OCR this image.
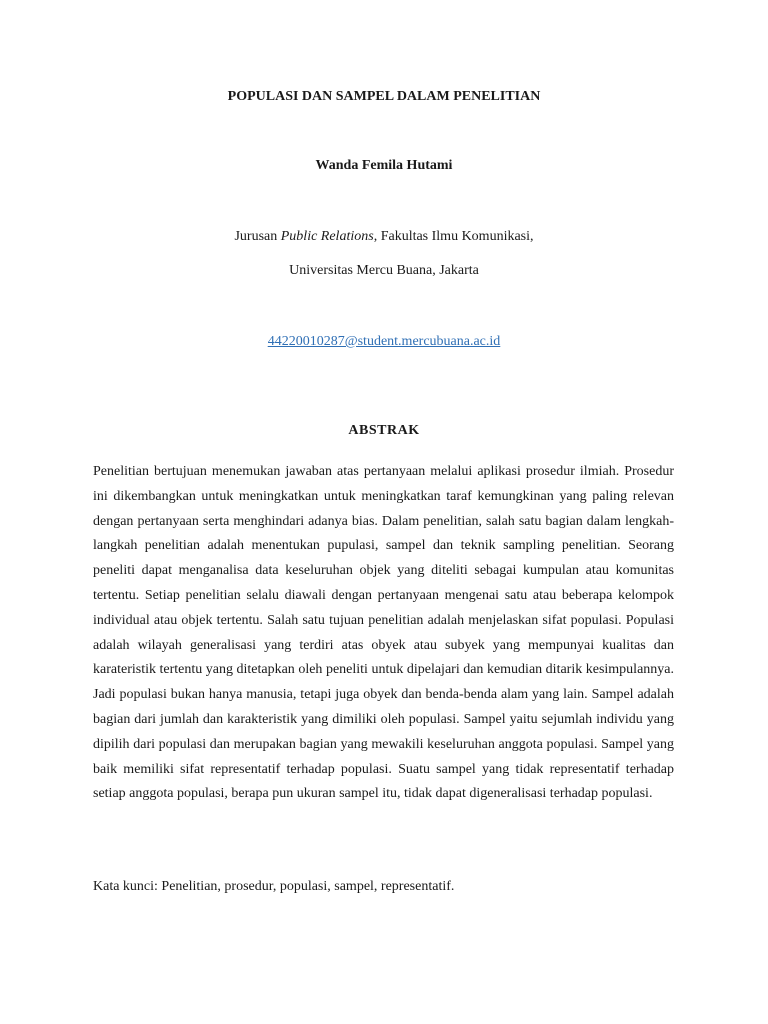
POPULASI DAN SAMPEL DALAM PENELITIAN
Wanda Femila Hutami
Jurusan Public Relations, Fakultas Ilmu Komunikasi,
Universitas Mercu Buana, Jakarta
44220010287@student.mercubuana.ac.id
ABSTRAK

Penelitian bertujuan menemukan jawaban atas pertanyaan melalui aplikasi prosedur ilmiah. Prosedur ini dikembangkan untuk meningkatkan untuk meningkatkan taraf kemungkinan yang paling relevan dengan pertanyaan serta menghindari adanya bias. Dalam penelitian, salah satu bagian dalam lengkah-langkah penelitian adalah menentukan pupulasi, sampel dan teknik sampling penelitian. Seorang peneliti dapat menganalisa data keseluruhan objek yang diteliti sebagai kumpulan atau komunitas tertentu. Setiap penelitian selalu diawali dengan pertanyaan mengenai satu atau beberapa kelompok individual atau objek tertentu. Salah satu tujuan penelitian adalah menjelaskan sifat populasi. Populasi adalah wilayah generalisasi yang terdiri atas obyek atau subyek yang mempunyai kualitas dan karateristik tertentu yang ditetapkan oleh peneliti untuk dipelajari dan kemudian ditarik kesimpulannya. Jadi populasi bukan hanya manusia, tetapi juga obyek dan benda-benda alam yang lain. Sampel adalah bagian dari jumlah dan karakteristik yang dimiliki oleh populasi. Sampel yaitu sejumlah individu yang dipilih dari populasi dan merupakan bagian yang mewakili keseluruhan anggota populasi. Sampel yang baik memiliki sifat representatif terhadap populasi. Suatu sampel yang tidak representatif terhadap setiap anggota populasi, berapa pun ukuran sampel itu, tidak dapat digeneralisasi terhadap populasi.

Kata kunci: Penelitian, prosedur, populasi, sampel, representatif.
